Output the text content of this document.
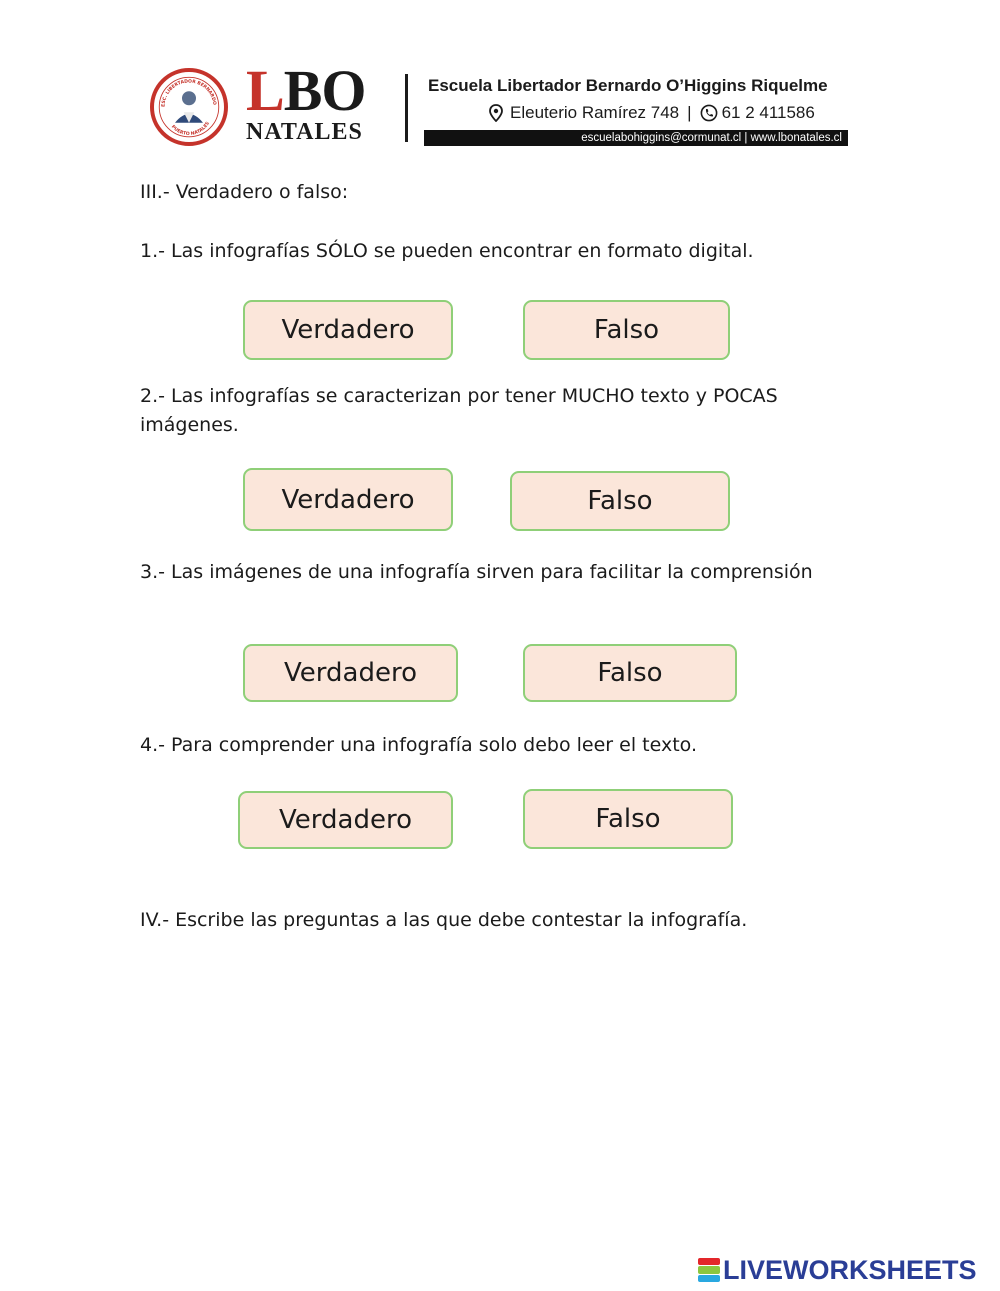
ESC. LIBERTADOR BERNARDO
PUERTO NATALES
LBO
NATALES
Escuela Libertador Bernardo O’Higgins Riquelme
Eleuterio Ramírez 748 | 61 2 411586
escuelabohiggins@cormunat.cl | www.lbonatales.cl
III.- Verdadero o falso:
1.- Las infografías SÓLO se pueden encontrar en formato digital.
Verdadero	Falso
2.- Las infografías se caracterizan por tener MUCHO texto y POCAS imágenes.
Verdadero	Falso
3.- Las imágenes de una infografía sirven para facilitar la comprensión
Verdadero	Falso
4.- Para comprender una infografía solo debo leer el texto.
Verdadero	Falso
IV.- Escribe las preguntas a las que debe contestar la infografía.
LIVEWORKSHEETS
